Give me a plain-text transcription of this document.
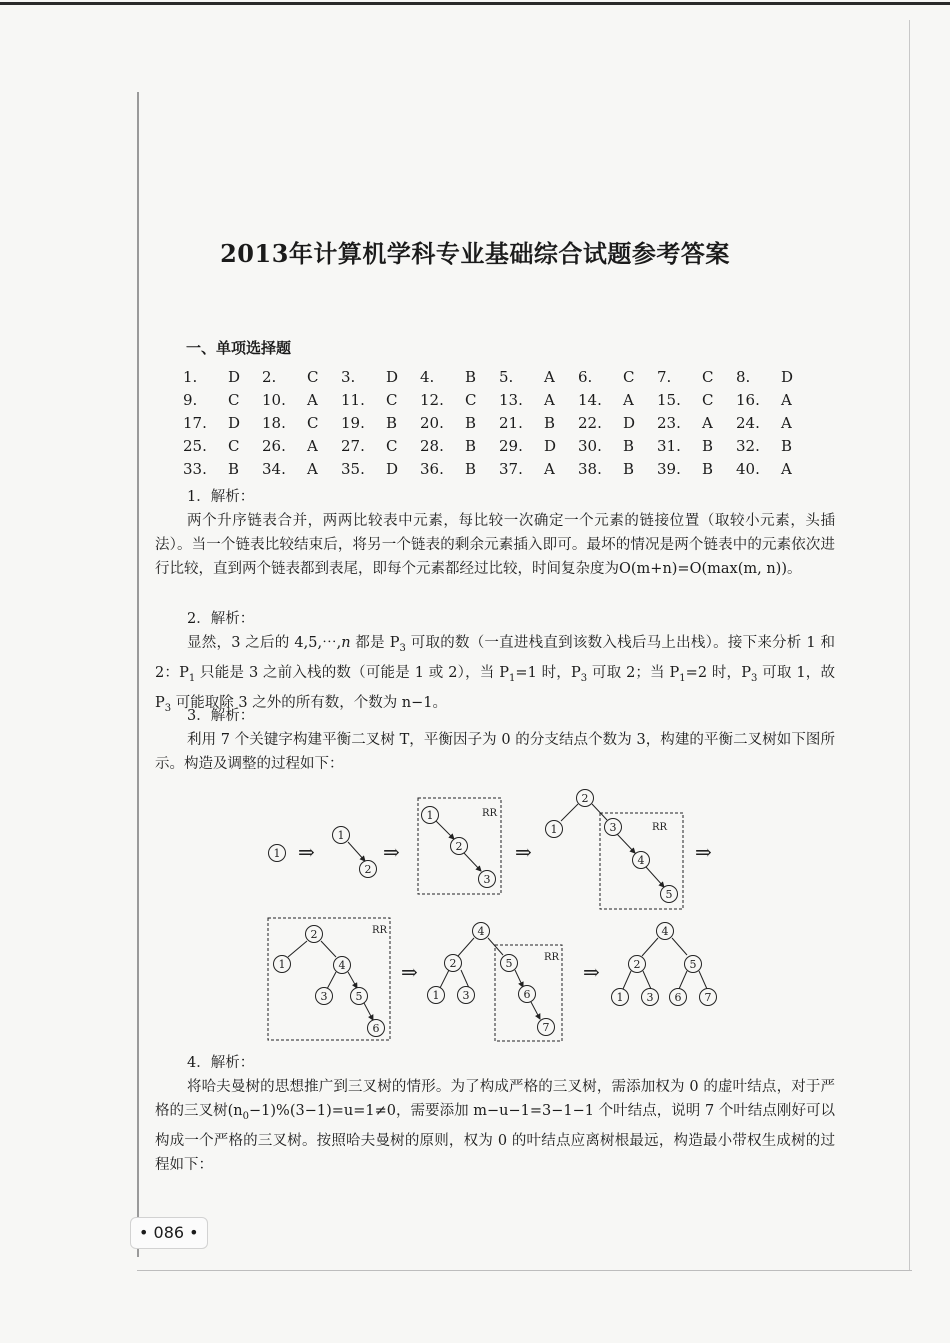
2013年计算机学科专业基础综合试题参考答案
一、单项选择题
1.	D	2.	C	3.	D	4.	B	5.	A	6.	C	7.	C	8.	D
9.	C	10.	A	11.	C	12.	C	13.	A	14.	A	15.	C	16.	A
17.	D	18.	C	19.	B	20.	B	21.	B	22.	D	23.	A	24.	A
25.	C	26.	A	27.	C	28.	B	29.	D	30.	B	31.	B	32.	B
33.	B	34.	A	35.	D	36.	B	37.	A	38.	B	39.	B	40.	A
1．解析：
两个升序链表合并，两两比较表中元素，每比较一次确定一个元素的链接位置（取较小元素，头插法）。当一个链表比较结束后，将另一个链表的剩余元素插入即可。最坏的情况是两个链表中的元素依次进行比较，直到两个链表都到表尾，即每个元素都经过比较，时间复杂度为O(m+n)=O(max(m, n))。
2．解析：
显然，3 之后的 4,5,⋯,n 都是 $P_3$ 可取的数（一直进栈直到该数入栈后马上出栈）。接下来分析 1 和 2：$P_1$ 只能是 3 之前入栈的数（可能是 1 或 2），当 $P_1=1$ 时，$P_3$ 可取 2；当 $P_1=2$ 时，$P_3$ 可取 1，故 $P_3$ 可能取除 3 之外的所有数，个数为 n−1。
3．解析：
利用 7 个关键字构建平衡二叉树 T，平衡因子为 0 的分支结点个数为 3，构建的平衡二叉树如下图所示。构造及调整的过程如下：
RR
RR
RR
RR
⇒	⇒	⇒	⇒
⇒	⇒
1
1
2
1
2
3
2
1	3
4
5
2
1	4
3	5
6
4
2	5
1 3	6
7
4
2	5
1 3 6 7
4．解析：
将哈夫曼树的思想推广到三叉树的情形。为了构成严格的三叉树，需添加权为 0 的虚叶结点，对于严格的三叉树$(n_0-1)\%(3-1)=u=1\ne 0$，需要添加 m−u−1=3−1−1 个叶结点，说明 7 个叶结点刚好可以构成一个严格的三叉树。按照哈夫曼树的原则，权为 0 的叶结点应离树根最远，构造最小带权生成树的过程如下：
• 086 •
